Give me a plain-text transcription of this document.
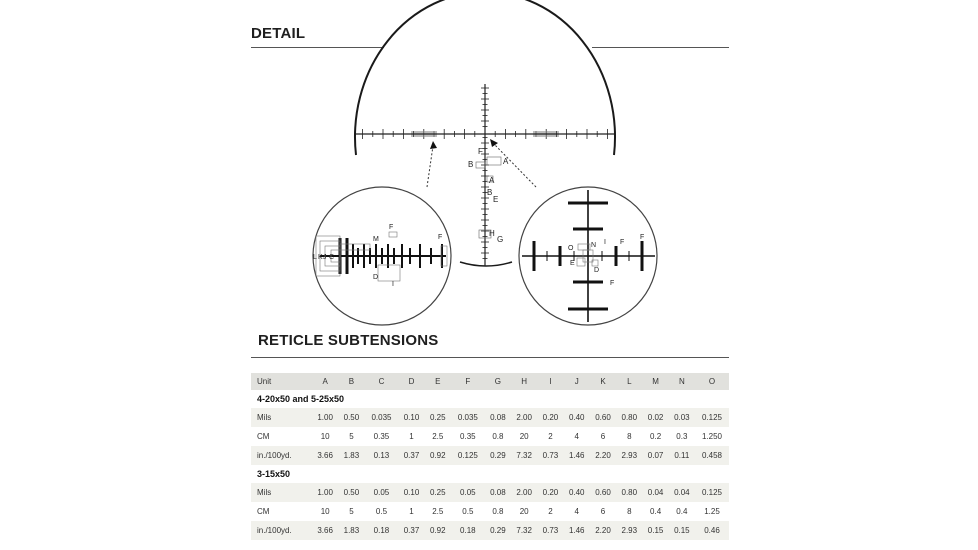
DETAIL
F
B	A
A
B
E
H
G
L K J C
M
F
D
I
F
O	N I F
F
E
D
F
RETICLE SUBTENSIONS
Unit	A	B	C	D	E	F	G	H	I	J	K	L	M	N	O
4-20x50 and 5-25x50															
Mils	1.00	0.50	0.035	0.10	0.25	0.035	0.08	2.00	0.20	0.40	0.60	0.80	0.02	0.03	0.125
CM	10	5	0.35	1	2.5	0.35	0.8	20	2	4	6	8	0.2	0.3	1.250
in./100yd.	3.66	1.83	0.13	0.37	0.92	0.125	0.29	7.32	0.73	1.46	2.20	2.93	0.07	0.11	0.458
3-15x50															
Mils	1.00	0.50	0.05	0.10	0.25	0.05	0.08	2.00	0.20	0.40	0.60	0.80	0.04	0.04	0.125
CM	10	5	0.5	1	2.5	0.5	0.8	20	2	4	6	8	0.4	0.4	1.25
in./100yd.	3.66	1.83	0.18	0.37	0.92	0.18	0.29	7.32	0.73	1.46	2.20	2.93	0.15	0.15	0.46
